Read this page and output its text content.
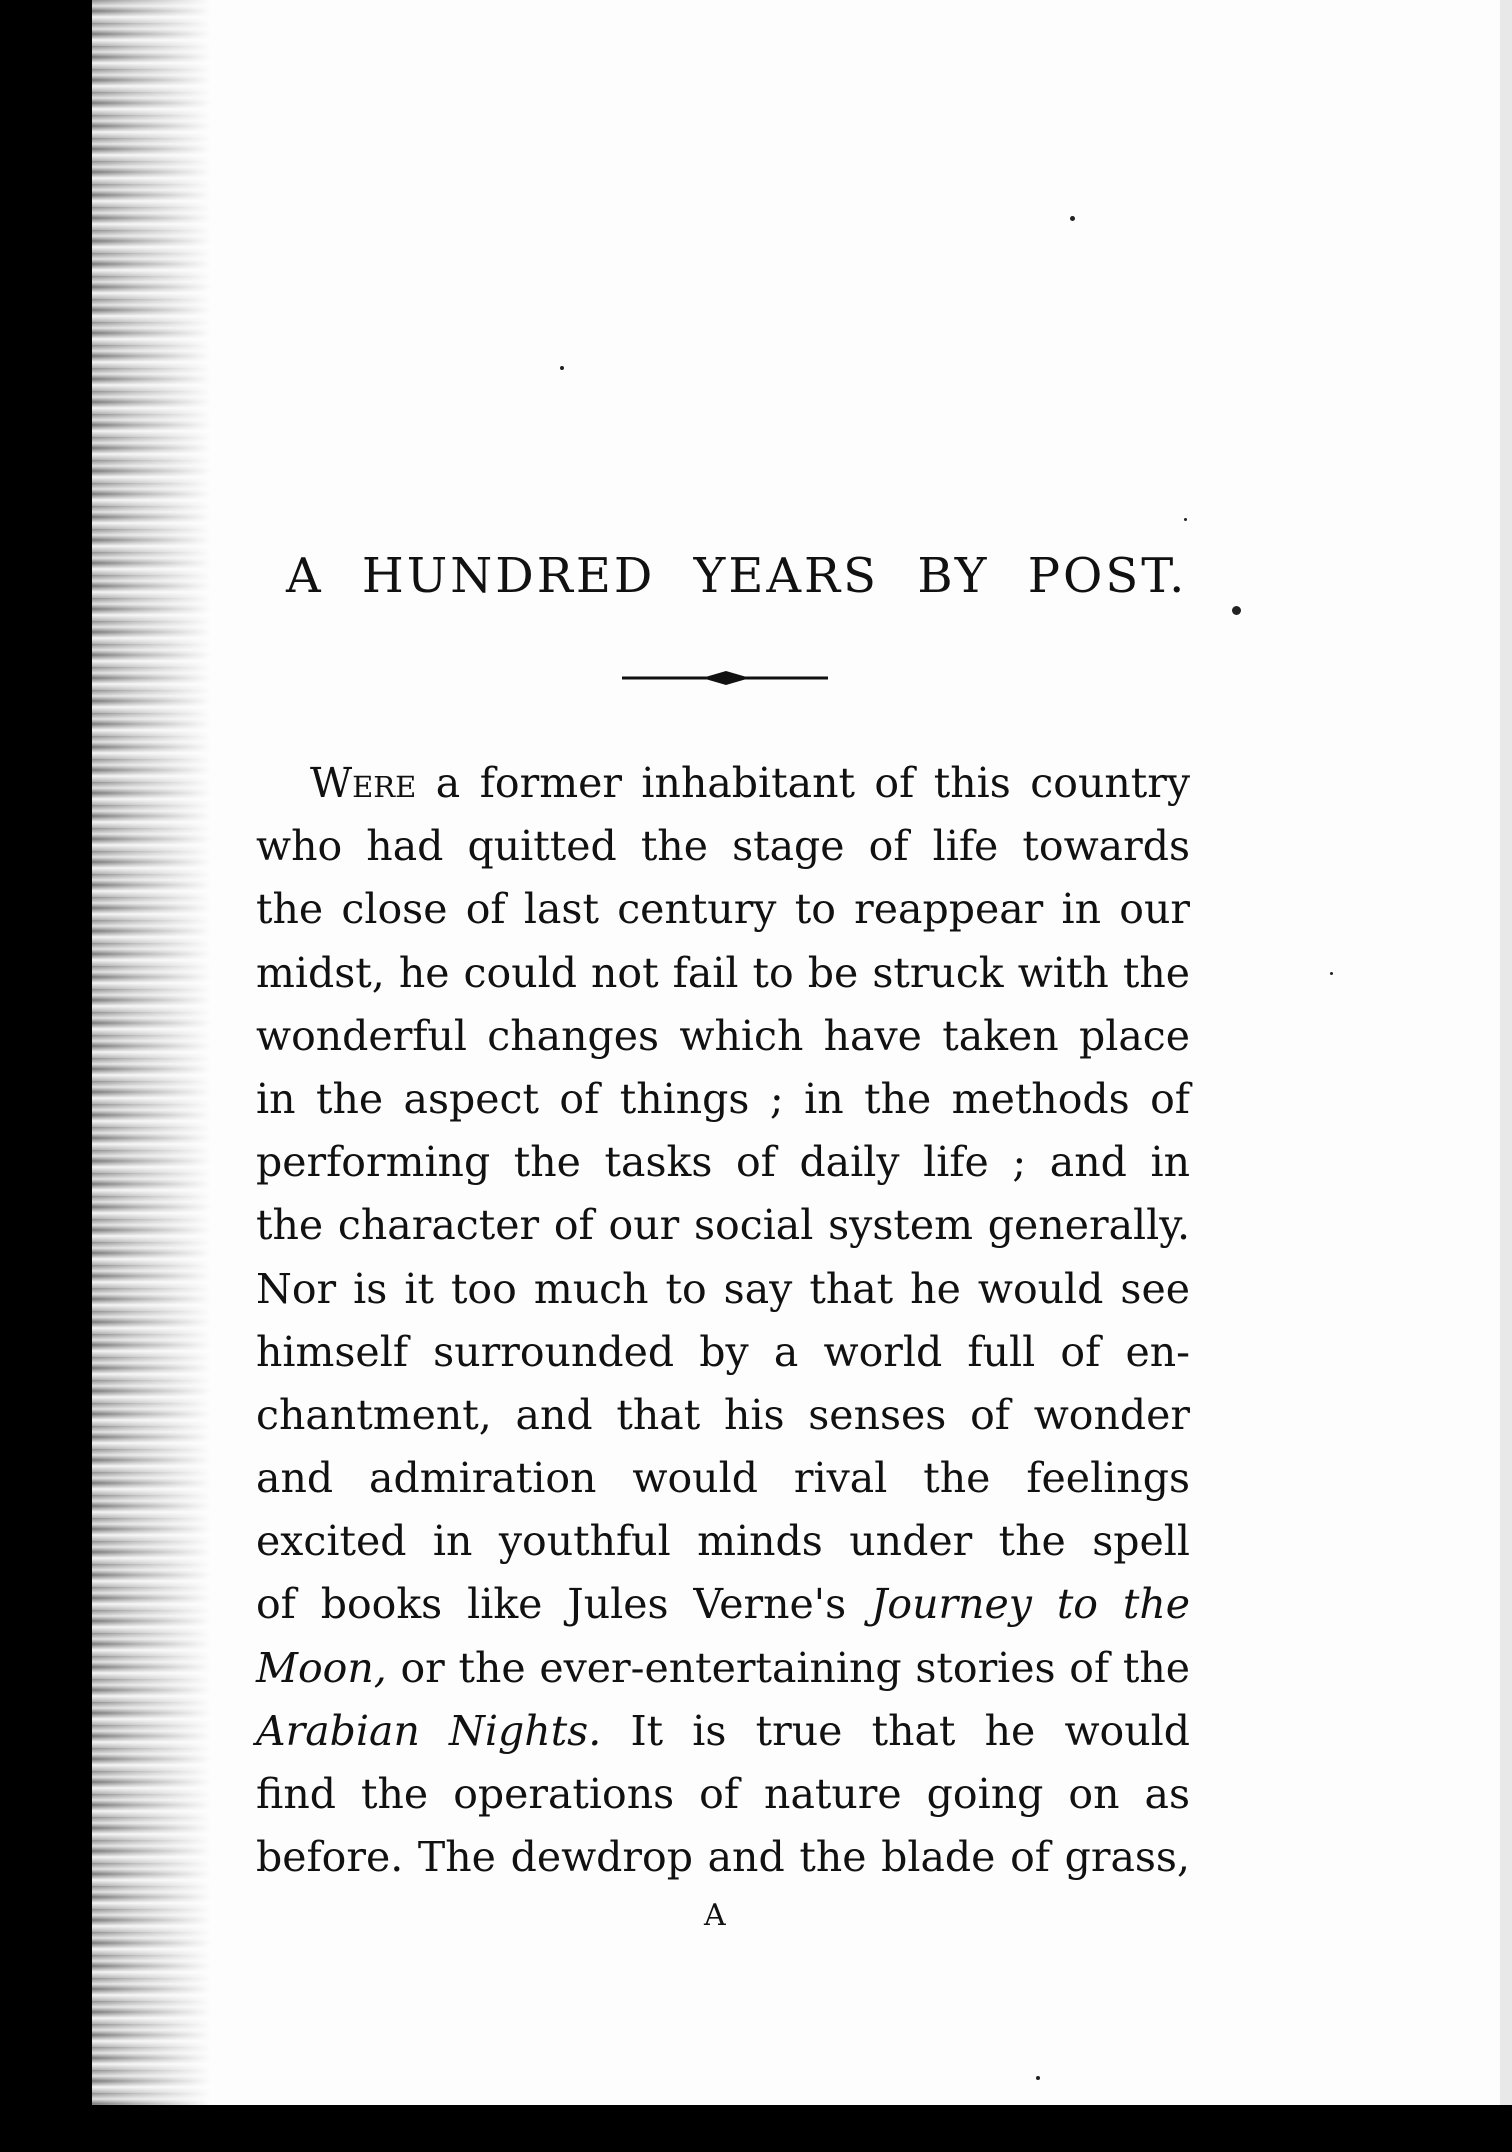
A HUNDRED YEARS BY POST.
Were a former inhabitant of this country
who had quitted the stage of life towards
the close of last century to reappear in our
midst, he could not fail to be struck with the
wonderful changes which have taken place
in the aspect of things ; in the methods of
performing the tasks of daily life ; and in
the character of our social system generally.
Nor is it too much to say that he would see
himself surrounded by a world full of en-
chantment, and that his senses of wonder
and admiration would rival the feelings
excited in youthful minds under the spell
of books like Jules Verne's Journey to the
Moon, or the ever-entertaining stories of the
Arabian Nights. It is true that he would
find the operations of nature going on as
before. The dewdrop and the blade of grass,
A
